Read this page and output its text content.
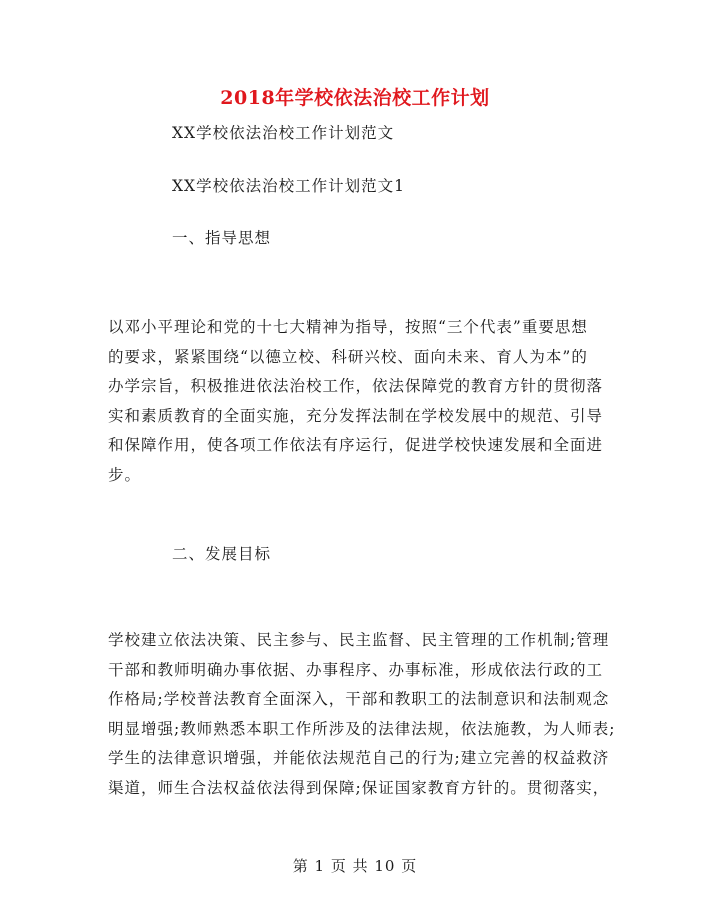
2018年学校依法治校工作计划
XX学校依法治校工作计划范文
XX学校依法治校工作计划范文1
一、指导思想
以邓小平理论和党的十七大精神为指导，按照“三个代表”重要思想
的要求，紧紧围绕“以德立校、科研兴校、面向未来、育人为本”的
办学宗旨，积极推进依法治校工作，依法保障党的教育方针的贯彻落
实和素质教育的全面实施，充分发挥法制在学校发展中的规范、引导
和保障作用，使各项工作依法有序运行，促进学校快速发展和全面进
步。
二、发展目标
学校建立依法决策、民主参与、民主监督、民主管理的工作机制;管理
干部和教师明确办事依据、办事程序、办事标准，形成依法行政的工
作格局;学校普法教育全面深入，干部和教职工的法制意识和法制观念
明显增强;教师熟悉本职工作所涉及的法律法规，依法施教，为人师表;
学生的法律意识增强，并能依法规范自己的行为;建立完善的权益救济
渠道，师生合法权益依法得到保障;保证国家教育方针的。贯彻落实，
第 1 页 共 10 页
